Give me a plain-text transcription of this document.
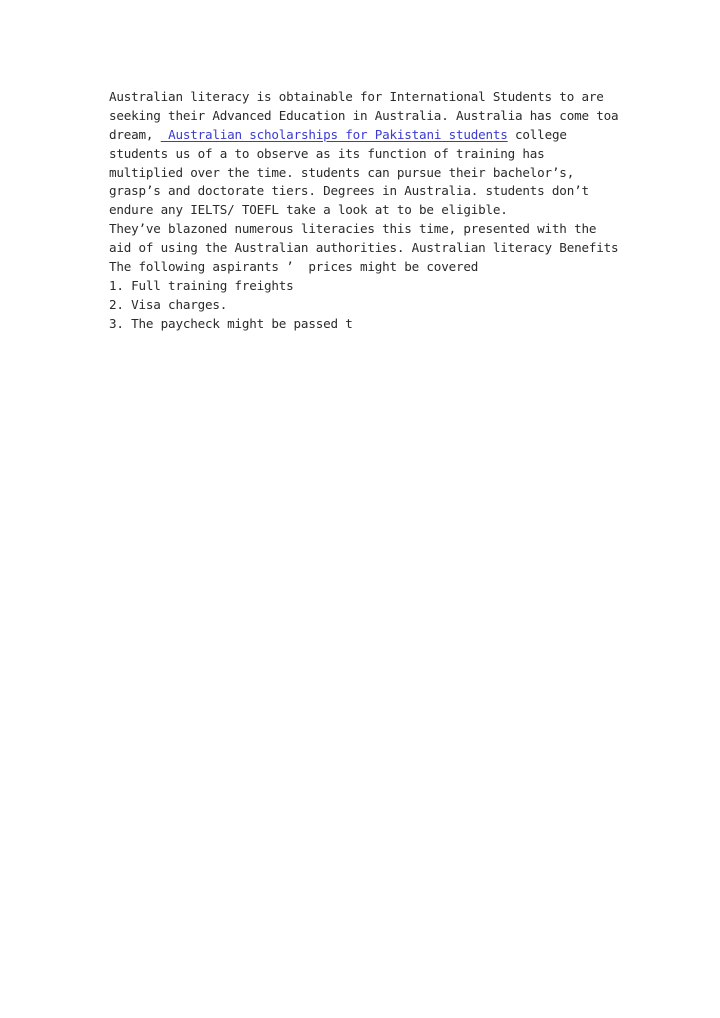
Australian literacy is obtainable for International Students to are
seeking their Advanced Education in Australia. Australia has come toa
dream,  Australian scholarships for Pakistani students college
students us of a to observe as its function of training has
multiplied over the time. students can pursue their bachelor’s,
grasp’s and doctorate tiers. Degrees in Australia. students don’t
endure any IELTS/ TOEFL take a look at to be eligible.
They’ve blazoned numerous literacies this time, presented with the
aid of using the Australian authorities. Australian literacy Benefits
The following aspirants ’  prices might be covered
1. Full training freights
2. Visa charges.
3. The paycheck might be passed t
